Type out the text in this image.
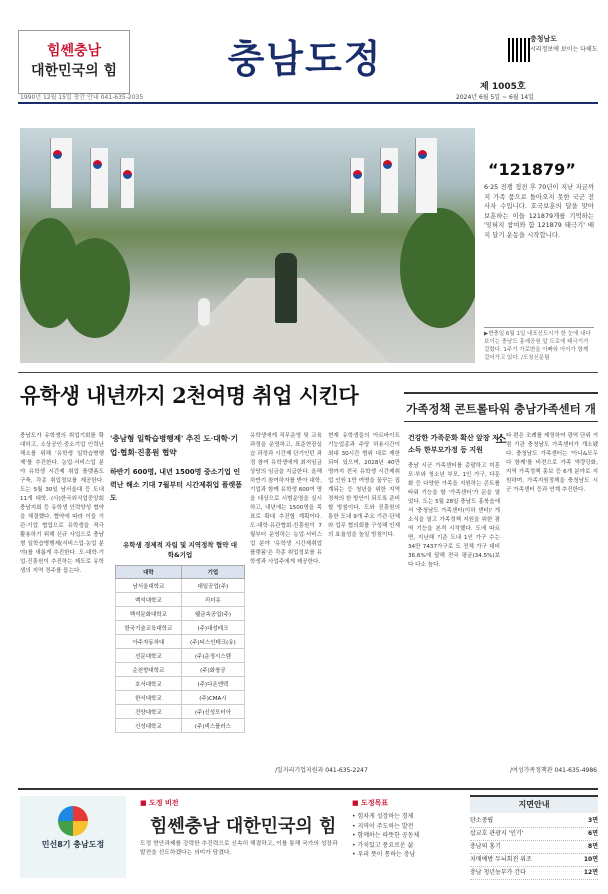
힘쎈충남
대한민국의 힘
1990년 12월 15일 창간 안내 041-635-2035
충남도정	충청남도
시리정보에 보이는 다해도
제 1005호
2024년 6월 5일 ~ 6월 14일
“121879”
6·25 전쟁 정전 후 70년이 지난 지금까지 가족 품으로 돌아오지 못한 국군 전사자 수입니다. 호국보훈의 달을 맞아 보훈하는 이들 121879개를 기억하는 '잊혀지 참여와 함 121879 태극기' 배지 달기 운동을 시작합니다.
▶현충일 6월 1일 내포신도시가 한 눈에 내다보이는 충남도 홍예공원 앞 도로에 태극기가 걸렸다. 1주기 가로변을 아빠와 아이가 함께 걸어가고 있다. /도청신문팀
유학생 내년까지 2천여명 취업 시킨다
충남도가 유학생의 취업기회를 확대하고, 소상공인·중소기업 인력난 해소를 위해 '유학생 일학습병행제'를 추진한다. 농업·서비스업 분야 유학생 시간제 취업 플랫폼도 구축, 각종 취업정보를 제공한다. 도는 5월 30일 남서울대 등 도내 11개 대학, (사)한국외식업중앙회 충남지회 등 유학생 인력양성 협약을 체결했다. 협약에 따라 이들 기관·기업 협업으로 유학생을 적극 활용하기 위해 신규 사업으로 충남형 일학습병행제(서비스업·농업 분야)를 새롭게 추진한다. 도·대학·기업·진흥원이 추진하는 제도로 유학생의 지역 정주를 돕는다.
'충남형 일학습병행제' 추진 도·대학·기업·협회·진흥원 협약
하반기 600명, 내년 1500명 중소기업 인력난 해소 기대 7월부터 시간제취업 플랫폼도
유학생 경제적 자립 및 지역정착 협약 대학&기업
대학	기업
남서울대학교	대일공업(주)
백석대학교	리더유
백석문화대학교	웰금속공업(주)
한국기술교육대학교	(주)대성테크
아주자동차대	(주)티스인테크(유)
선문대학교	(주)운정시스템
순천향대학교	(주)화창공
호서대학교	(주)다온엔텍
한서대학교	(주)CMA시
건양대학교	(주)신성모터아
신성대학교	(주)넥스플러스
유학생에게 직무운영 및 교육과정을 운영하고, 표준현장실습 과정과 시간제 단기인턴 과정 참여 유학생에게 최저임금 상당의 임금을 지급한다. 올해 하반기 참여하자를 받아 대학, 기업과 함께 유학생 600여 명을 대상으로 시범운영을 실시하고, 내년에는 1500명을 목표로 확대 추진할 계획이다. 도·대학·유관협회·진흥원이 7월부터 운영하는 농업·서비스업 분야 '유학생 시간제취업 플랫폼'은 각종 취업정보를 유학생과 사업주에게 제공한다.
현재 유학생들의 아르바이트 기능업종과 주당 허용시간이 최대 30시간 범위 내로 제한되어 있으며, 2028년 40만 명까지 전국 유학생 시간제취업 인원 1만 여명을 꿈꾸는 집계되는 등 청년을 위한 지역 정착의 한 방안이 되도록 준비할 방침이다. 도와 진흥원의 통한 도내 9개 주요 기관·단체와 업무 협의회를 구성해 인재의 효율성을 높일 방침이다.
/일자리기업지원과 041-635-2247
가족정책 콘트롤타워 충남가족센터 개소
건강한 가족문화 확산 앞장 저소득 한부모가정 등 지원
충남 시군 가족센터를 총괄하고 미혼모·부와 청소년 부모, 1인 가구, 다문화 등 다양한 가족을 지원하는 콘트롤타워 기능을 할 '가족센터'가 문을 열었다. 도는 5월 28일 충남도 홍북읍에서 '충청남도 가족센터(이하 센터)' 개소식을 열고 가족정책 지원을 위한 광역 기능을 본격 시작했다. 도에 따르면, 지난해 기준 도내 1인 가구 수는 34만 7437가구로 도 전체 가구 대비 36.6%에 달해 전국 평균(34.5%)보다 다소 높다.
타 편은 조례를 제정하여 광역 단위 거점 기관 충청남도 가족센터가 개소됐다. 충청남도 가족센터는 '아니&모두 다 함께'를 비전으로 가족 역량강화, 지역 가족정책 홍보 등 6개 분야로 지원하며, 가족지원정책을 충청남도 시군 가족센터 등과 연계 추진한다.
/여성가족정책관 041-635-4986
민선8기 충남도정
■ 도정 비전
힘쎈충남 대한민국의 힘
도정 현안과제를 강력한 추진력으로 신속히 해결하고, 이를 통해 국가의 성장과 발전을 선도하겠다는 의미가 담겼다.
■ 도정목표
• 힘차게 성장하는 경제
• 지역이 주도하는 발전
• 함께하는 따뜻한 공동체
• 가치있고 풍요로운 삶
• 우리 뜻이 통하는 충남
지면안내
탄소중립	3면
삽교호 관광지 '인기'	6면
충남의 홍기	8면
치매예방 두뇌회전 위조	10면
충남 청년농부가 간다	12면
